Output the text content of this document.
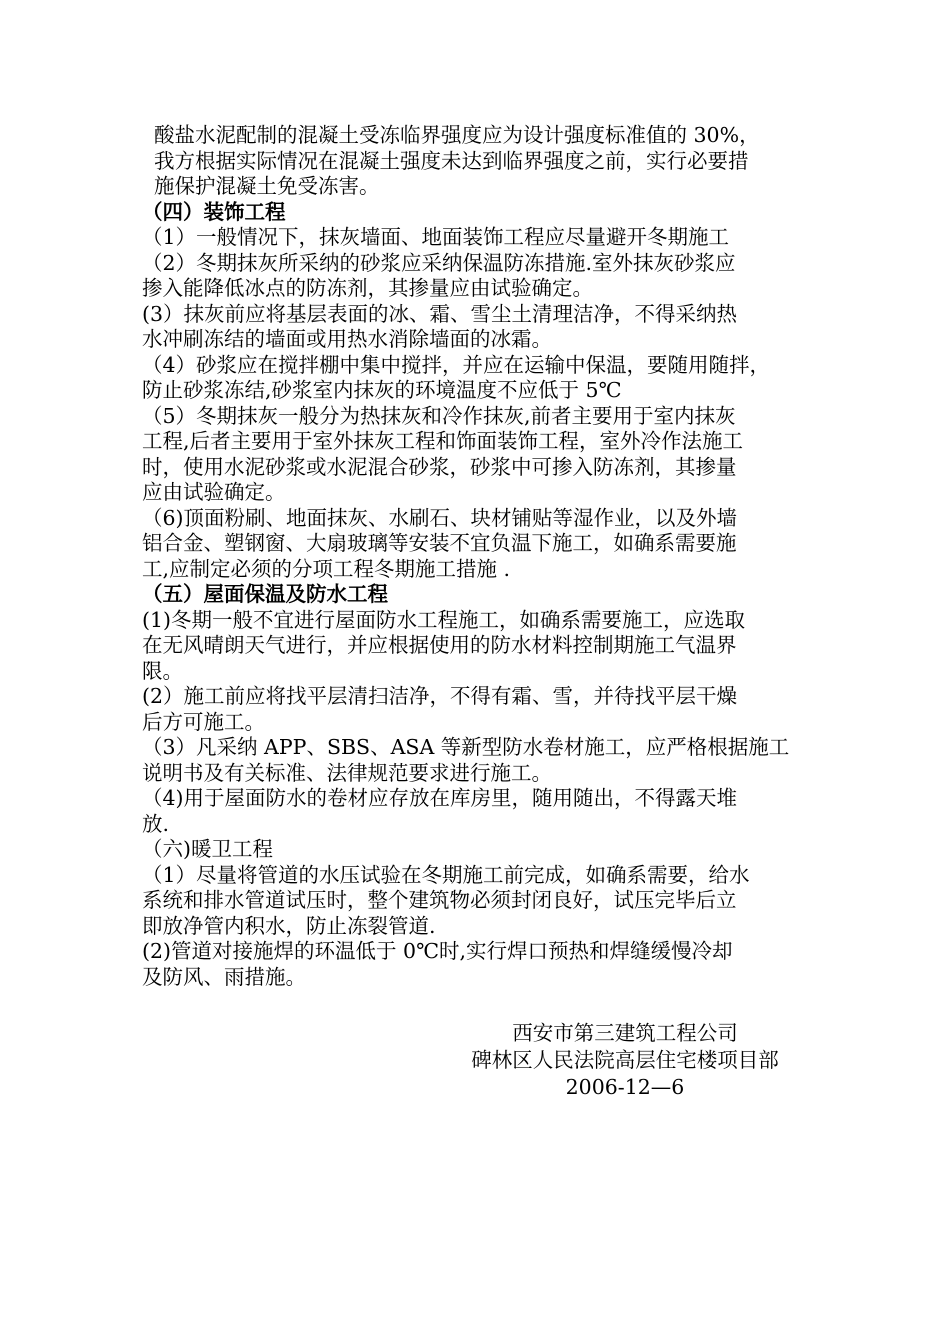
酸盐水泥配制的混凝土受冻临界强度应为设计强度标准值的 30%，
我方根据实际情况在混凝土强度未达到临界强度之前，实行必要措
施保护混凝土免受冻害。
（四）装饰工程
（1）一般情况下，抹灰墙面、地面装饰工程应尽量避开冬期施工
（2）冬期抹灰所采纳的砂浆应采纳保温防冻措施.室外抹灰砂浆应
掺入能降低冰点的防冻剂，其掺量应由试验确定。
(3）抹灰前应将基层表面的冰、霜、雪尘土清理洁净，不得采纳热
水冲刷冻结的墙面或用热水消除墙面的冰霜。
（4）砂浆应在搅拌棚中集中搅拌，并应在运输中保温，要随用随拌，
防止砂浆冻结,砂浆室内抹灰的环境温度不应低于 5℃
（5）冬期抹灰一般分为热抹灰和冷作抹灰,前者主要用于室内抹灰
工程,后者主要用于室外抹灰工程和饰面装饰工程，室外冷作法施工
时，使用水泥砂浆或水泥混合砂浆，砂浆中可掺入防冻剂，其掺量
应由试验确定。
（6)顶面粉刷、地面抹灰、水刷石、块材铺贴等湿作业，以及外墙
铝合金、塑钢窗、大扇玻璃等安装不宜负温下施工，如确系需要施
工,应制定必须的分项工程冬期施工措施 .
（五）屋面保温及防水工程
(1)冬期一般不宜进行屋面防水工程施工，如确系需要施工，应选取
在无风晴朗天气进行，并应根据使用的防水材料控制期施工气温界
限。
(2）施工前应将找平层清扫洁净，不得有霜、雪，并待找平层干燥
后方可施工。
（3）凡采纳 APP、SBS、ASA 等新型防水卷材施工，应严格根据施工
说明书及有关标准、法律规范要求进行施工。
（4)用于屋面防水的卷材应存放在库房里，随用随出，不得露天堆
放.
（六)暖卫工程
（1）尽量将管道的水压试验在冬期施工前完成，如确系需要，给水
系统和排水管道试压时，整个建筑物必须封闭良好，试压完毕后立
即放净管内积水，防止冻裂管道.
(2)管道对接施焊的环温低于 0℃时,实行焊口预热和焊缝缓慢冷却
及防风、雨措施。
西安市第三建筑工程公司
碑林区人民法院高层住宅楼项目部
2006-12—6
